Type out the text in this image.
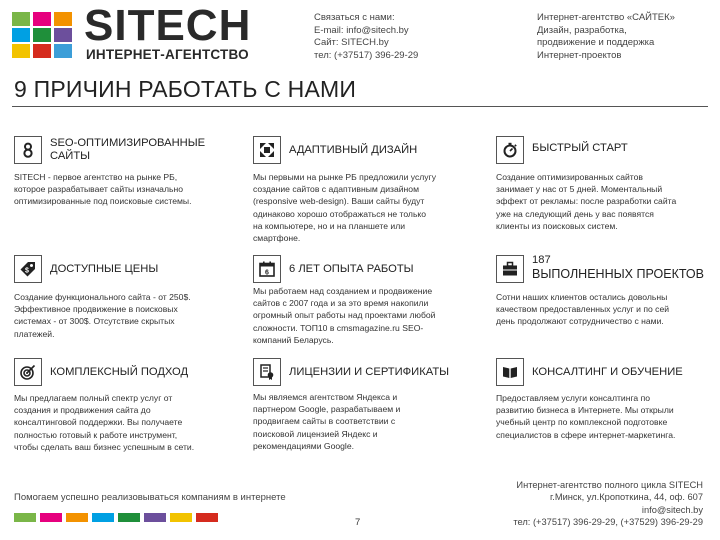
SITECH
ИНТЕРНЕТ-АГЕНТСТВО
Связаться с нами:
E-mail: info@sitech.by
Сайт: SITECH.by
тел: (+37517) 396-29-29
Интернет-агентство «САЙТЕК»
Дизайн, разработка,
продвижение и поддержка
Интернет-проектов
9 ПРИЧИН РАБОТАТЬ С НАМИ
SEO-ОПТИМИЗИРОВАННЫЕ
САЙТЫ
SITECH - первое агентство на рынке РБ,
которое разрабатывает сайты изначально
оптимизированные под поисковые системы.
АДАПТИВНЫЙ ДИЗАЙН
Мы первыми на рынке РБ предложили услугу
создание сайтов с адаптивным дизайном
(responsive web-design). Ваши сайты будут
одинаково хорошо отображаться не только
на компьютере, но и на планшете или
смартфоне.
БЫСТРЫЙ СТАРТ
Создание оптимизированных сайтов
занимает у нас от 5 дней. Моментальный
эффект от рекламы: после разработки сайта
уже на следующий день у вас появятся
клиенты из поисковых систем.
$ ДОСТУПНЫЕ ЦЕНЫ
Создание функционального сайта - от 250$.
Эффективное продвижение в поисковых
системах - от 300$. Отсутствие скрытых
платежей.
6 6 ЛЕТ ОПЫТА РАБОТЫ
Мы работаем над созданием и продвижение
сайтов с 2007 года и за это время накопили
огромный опыт работы над проектами любой
сложности. ТОП10 в cmsmagazine.ru SEO-
компаний Беларусь.
187
ВЫПОЛНЕННЫХ ПРОЕКТОВ
Сотни наших клиентов остались довольны
качеством предоставленных услуг и по сей
день продолжают сотрудничество с нами.
КОМПЛЕКСНЫЙ ПОДХОД
Мы предлагаем полный спектр услуг от
создания и продвижения сайта до
консалтинговой поддержки. Вы получаете
полностью готовый к работе инструмент,
чтобы сделать ваш бизнес успешным в сети.
ЛИЦЕНЗИИ И СЕРТИФИКАТЫ
Мы являемся агентством Яндекса и
партнером Google, разрабатываем и
продвигаем сайты в соответствии с
поисковой лицензией Яндекс и
рекомендациями Google.
КОНСАЛТИНГ И ОБУЧЕНИЕ
Предоставляем услуги консалтинга по
развитию бизнеса в Интернете. Мы открыли
учебный центр по комплексной подготовке
специалистов в сфере интернет-маркетинга.
Помогаем успешно реализовываться компаниям в интернете
7
Интернет-агентство полного цикла SITECH
г.Минск, ул.Кропоткина, 44, оф. 607
info@sitech.by
тел: (+37517) 396-29-29, (+37529) 396-29-29
